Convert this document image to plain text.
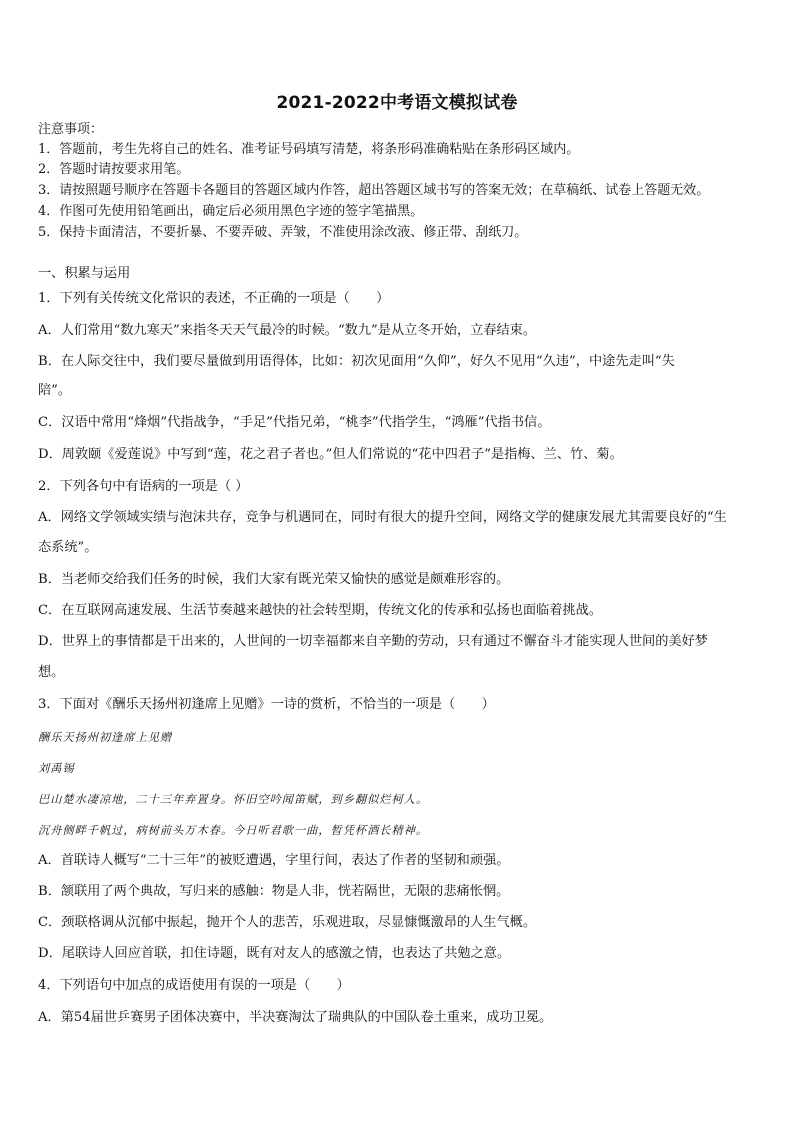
2021-2022中考语文模拟试卷
注意事项：
1．答题前，考生先将自己的姓名、准考证号码填写清楚，将条形码准确粘贴在条形码区域内。
2．答题时请按要求用笔。
3．请按照题号顺序在答题卡各题目的答题区域内作答，超出答题区域书写的答案无效；在草稿纸、试卷上答题无效。
4．作图可先使用铅笔画出，确定后必须用黑色字迹的签字笔描黑。
5．保持卡面清洁，不要折暴、不要弄破、弄皱，不准使用涂改液、修正带、刮纸刀。
一、积累与运用
1．下列有关传统文化常识的表述，不正确的一项是（　　）
A．人们常用“数九寒天”来指冬天天气最冷的时候。“数九”是从立冬开始，立春结束。
B．在人际交往中，我们要尽量做到用语得体，比如：初次见面用“久仰”，好久不见用“久违”，中途先走叫“失
陪”。
C．汉语中常用“烽烟”代指战争，“手足”代指兄弟，“桃李”代指学生，“鸿雁”代指书信。
D．周敦颐《爱莲说》中写到“莲，花之君子者也。”但人们常说的“花中四君子”是指梅、兰、竹、菊。
2．下列各句中有语病的一项是（ ）
A．网络文学领域实绩与泡沫共存，竞争与机遇同在，同时有很大的提升空间，网络文学的健康发展尤其需要良好的“生
态系统”。
B．当老师交给我们任务的时候，我们大家有既光荣又愉快的感觉是颇难形容的。
C．在互联网高速发展、生活节奏越来越快的社会转型期，传统文化的传承和弘扬也面临着挑战。
D．世界上的事情都是干出来的，人世间的一切幸福都来自辛勤的劳动，只有通过不懈奋斗才能实现人世间的美好梦
想。
3．下面对《酬乐天扬州初逢席上见赠》一诗的赏析，不恰当的一项是（　　）
酬乐天扬州初逢席上见赠
刘禹锡
巴山楚水凄凉地，二十三年弃置身。怀旧空吟闻笛赋，到乡翻似烂柯人。
沉舟侧畔千帆过，病树前头万木春。今日听君歌一曲，暂凭杯酒长精神。
A．首联诗人概写“二十三年”的被贬遭遇，字里行间，表达了作者的坚韧和顽强。
B．颔联用了两个典故，写归来的感触：物是人非，恍若隔世，无限的悲痛怅惘。
C．颈联格调从沉郁中振起，抛开个人的悲苦，乐观进取，尽显慷慨激昂的人生气概。
D．尾联诗人回应首联，扣住诗题，既有对友人的感激之情，也表达了共勉之意。
4．下列语句中加点的成语使用有误的一项是（　　）
A．第54届世乒赛男子团体决赛中，半决赛淘汰了瑞典队的中国队卷土重来，成功卫冕。
